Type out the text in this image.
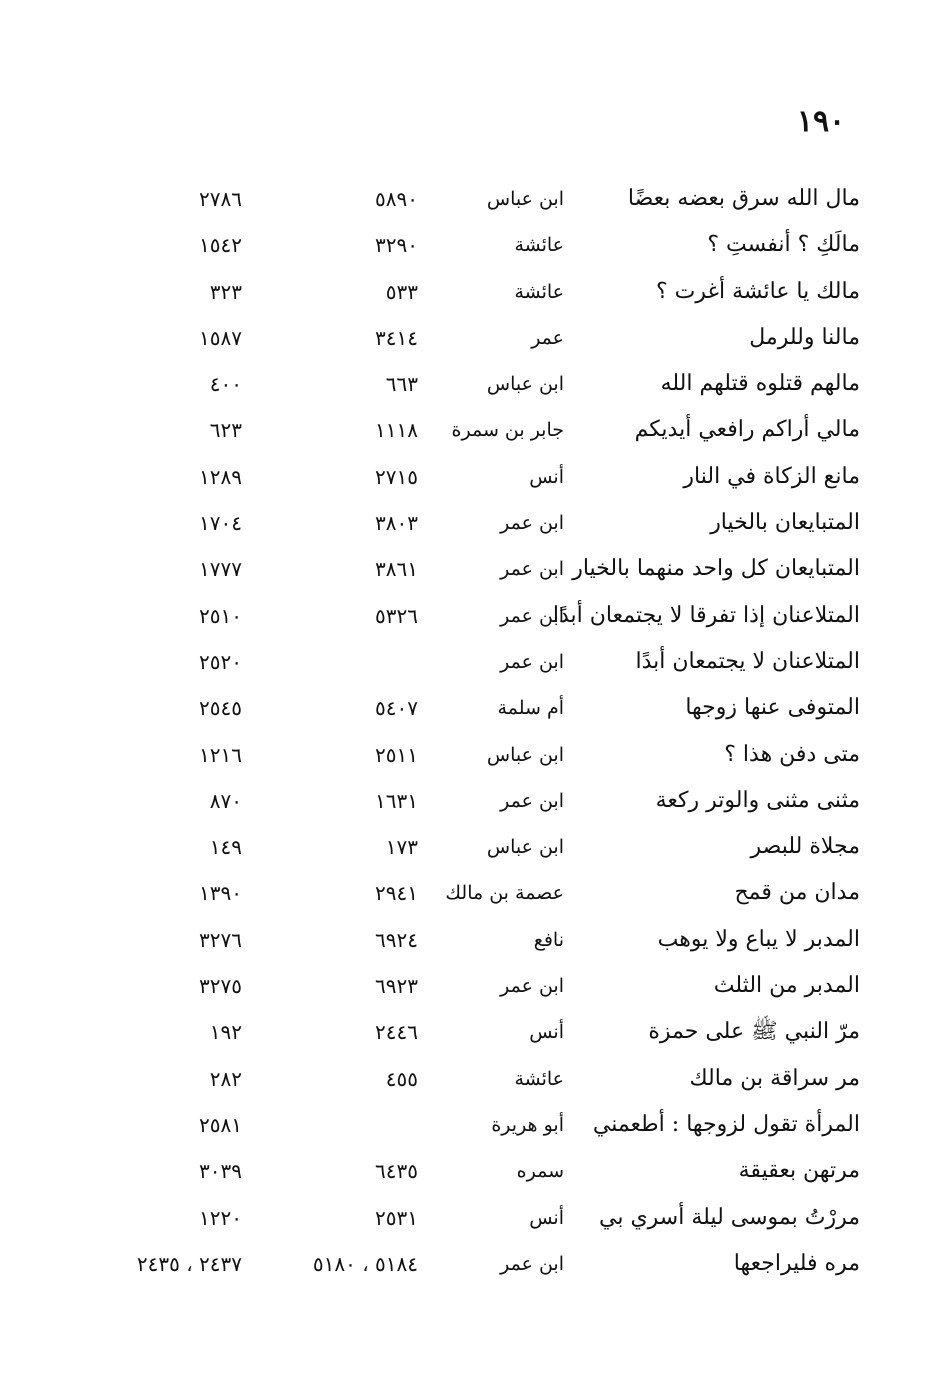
١٩٠
مال الله سرق بعضه بعضًا
ابن عباس
٥٨٩٠
٢٧٨٦
مالَكِ ؟ أنفستِ ؟
عائشة
٣٢٩٠
١٥٤٢
مالك يا عائشة أغرت ؟
عائشة
٥٣٣
٣٢٣
مالنا وللرمل
عمر
٣٤١٤
١٥٨٧
مالهم قتلوه قتلهم الله
ابن عباس
٦٦٣
٤٠٠
مالي أراكم رافعي أيديكم
جابر بن سمرة
١١١٨
٦٢٣
مانع الزكاة في النار
أنس
٢٧١٥
١٢٨٩
المتبايعان بالخيار
ابن عمر
٣٨٠٣
١٧٠٤
المتبايعان كل واحد منهما بالخيار
ابن عمر
٣٨٦١
١٧٧٧
المتلاعنان إذا تفرقا لا يجتمعان أبدًا
ابن عمر
٥٣٢٦
٢٥١٠
المتلاعنان لا يجتمعان أبدًا
ابن عمر
٢٥٢٠
المتوفى عنها زوجها
أم سلمة
٥٤٠٧
٢٥٤٥
متى دفن هذا ؟
ابن عباس
٢٥١١
١٢١٦
مثنى مثنى والوتر ركعة
ابن عمر
١٦٣١
٨٧٠
مجلاة للبصر
ابن عباس
١٧٣
١٤٩
مدان من قمح
عصمة بن مالك
٢٩٤١
١٣٩٠
المدبر لا يباع ولا يوهب
نافع
٦٩٢٤
٣٢٧٦
المدبر من الثلث
ابن عمر
٦٩٢٣
٣٢٧٥
مرّ النبي ﷺ على حمزة
أنس
٢٤٤٦
١٩٢
مر سراقة بن مالك
عائشة
٤٥٥
٢٨٢
المرأة تقول لزوجها : أطعمني
أبو هريرة
٢٥٨١
مرتهن بعقيقة
سمره
٦٤٣٥
٣٠٣٩
مررْتُ بموسى ليلة أسري بي
أنس
٢٥٣١
١٢٢٠
مره فليراجعها
ابن عمر
٥١٨٤ ، ٥١٨٠
٢٤٣٧ ، ٢٤٣٥
